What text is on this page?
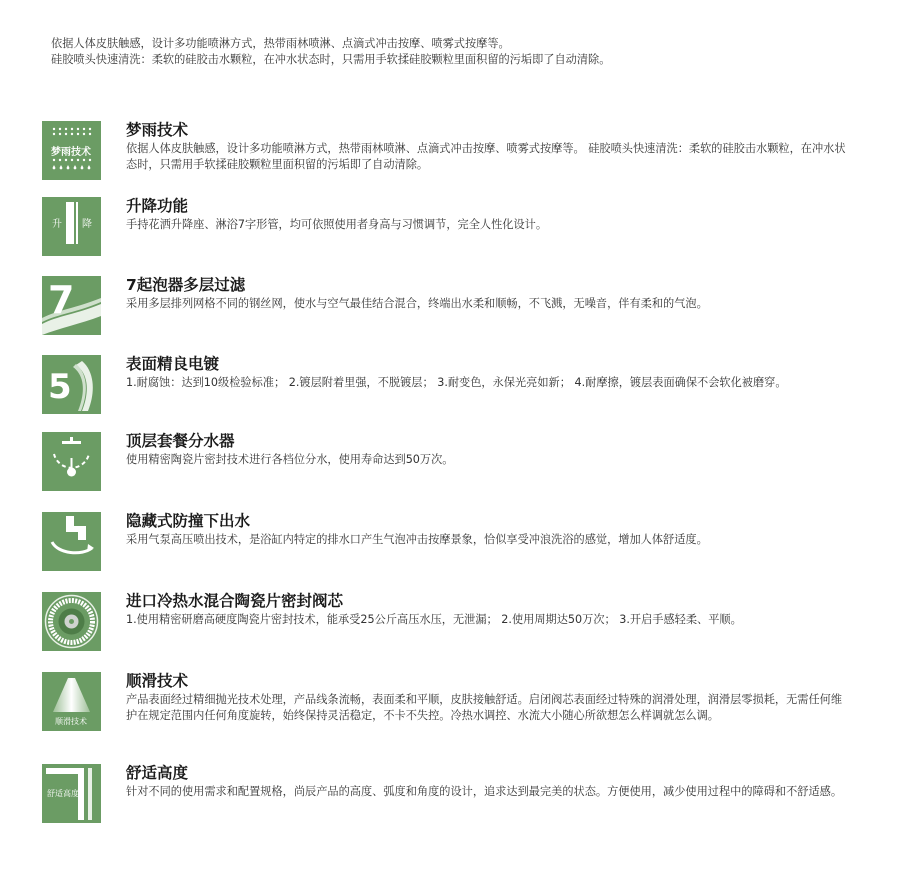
依据人体皮肤触感，设计多功能喷淋方式，热带雨林喷淋、点滴式冲击按摩、喷雾式按摩等。

硅胶喷头快速清洗：柔软的硅胶击水颗粒，在冲水状态时，只需用手软揉硅胶颗粒里面积留的污垢即了自动清除。

梦雨技术

梦雨技术

依据人体皮肤触感，设计多功能喷淋方式，热带雨林喷淋、点滴式冲击按摩、喷雾式按摩等。 硅胶喷头快速清洗：柔软的硅胶击水颗粒，在冲水状态时，只需用手软揉硅胶颗粒里面积留的污垢即了自动清除。

升 降

升降功能

手持花洒升降座、淋浴7字形管，均可依照使用者身高与习惯调节，完全人性化设计。

7	7起泡器多层过滤

采用多层排列网格不同的钢丝网，使水与空气最佳结合混合，终端出水柔和顺畅，不飞溅，无噪音，伴有柔和的气泡。

5

表面精良电镀

1.耐腐蚀：达到10级检验标准； 2.镀层附着里强，不脱镀层； 3.耐变色，永保光亮如新； 4.耐摩擦，镀层表面确保不会软化被磨穿。

顶层套餐分水器

使用精密陶瓷片密封技术进行各档位分水，使用寿命达到50万次。

隐藏式防撞下出水

采用气泵高压喷出技术，是浴缸内特定的排水口产生气泡冲击按摩景象，恰似享受冲浪洗浴的感觉，增加人体舒适度。

进口冷热水混合陶瓷片密封阀芯

1.使用精密研磨高硬度陶瓷片密封技术，能承受25公斤高压水压，无泄漏； 2.使用周期达50万次； 3.开启手感轻柔、平顺。

顺滑技术

顺滑技术

产品表面经过精细抛光技术处理，产品线条流畅，表面柔和平顺，皮肤接触舒适。启闭阀芯表面经过特殊的润滑处理，润滑层零损耗，无需任何维护在规定范围内任何角度旋转，始终保持灵活稳定，不卡不失控。冷热水调控、水流大小随心所欲想怎么样调就怎么调。

舒适高度

舒适高度

针对不同的使用需求和配置规格，尚辰产品的高度、弧度和角度的设计，追求达到最完美的状态。方便使用，减少使用过程中的障碍和不舒适感。
